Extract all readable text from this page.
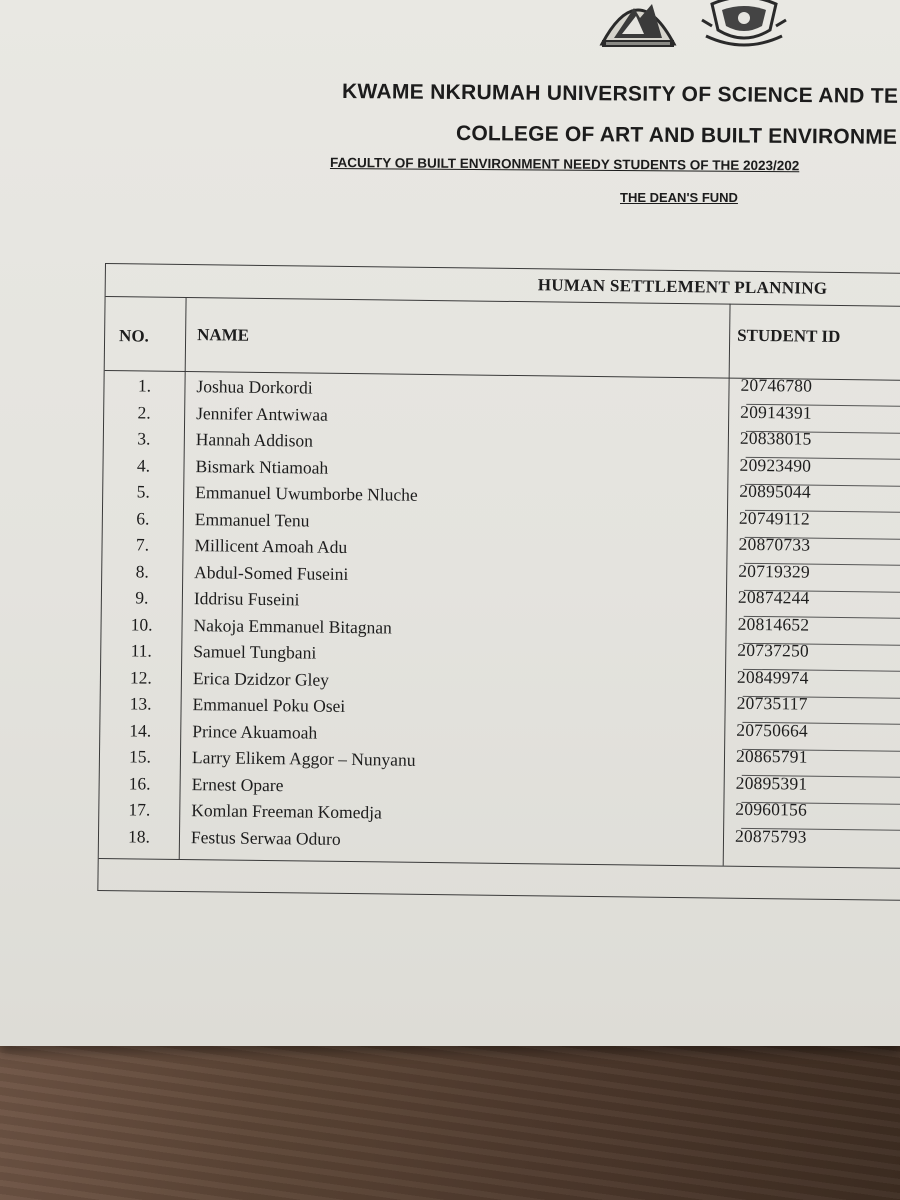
KWAME NKRUMAH UNIVERSITY OF SCIENCE AND TE
COLLEGE OF ART AND BUILT ENVIRONME
FACULTY OF BUILT ENVIRONMENT NEEDY STUDENTS OF THE 2023/202
THE DEAN'S FUND
HUMAN SETTLEMENT PLANNING
NO.	NAME	STUDENT ID
1.	Joshua Dorkordi	20746780
2.	Jennifer Antwiwaa	20914391
3.	Hannah Addison	20838015
4.	Bismark Ntiamoah	20923490
5.	Emmanuel Uwumborbe Nluche	20895044
6.	Emmanuel Tenu	20749112
7.	Millicent Amoah Adu	20870733
8.	Abdul-Somed Fuseini	20719329
9.	Iddrisu Fuseini	20874244
10.	Nakoja Emmanuel Bitagnan	20814652
11.	Samuel Tungbani	20737250
12.	Erica Dzidzor Gley	20849974
13.	Emmanuel Poku Osei	20735117
14.	Prince Akuamoah	20750664
15.	Larry Elikem Aggor – Nunyanu	20865791
16.	Ernest Opare	20895391
17.	Komlan Freeman Komedja	20960156
18.	Festus Serwaa Oduro	20875793
